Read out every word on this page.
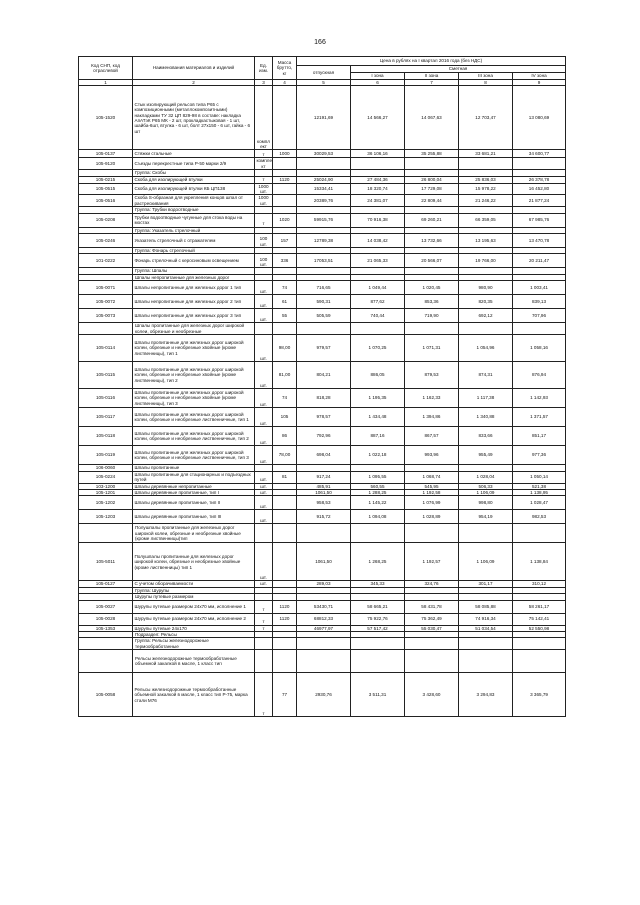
166
Код СНП, код отраслевой	Наименования материалов и изделий	Ед. изм.	Масса брутто, кг	Цена в рублях на I квартал 2016 года (без НДС)				
				отпускная	Сметная			
					I зона	II зона	III зона	IV зона
1	2	3	4	5	6	7	8	9
105-1520	Стык изолирующий рельсов типа Р65 с композиционными (металлокомпозитными) накладками ТУ 32 ЦП 829-98 в составе: накладка АпАТэК Р65 МК - 2 шт, прокладкастыковая - 1 шт, шайба-6шт, втулка - 6 шт, болт 27х150 - 6 шт, гайка - 6 шт	компл ект		12191,69	14 566,27	14 067,63	12 703,47	13 080,69
105-0137	Стяжки стальные	т	1000	30029,53	36 106,16	35 255,88	33 681,21	34 600,77
105-9120	Съезды перекрестные типа Р-50 марки 2/9	компле кт						
	Группа: Скобы							
105-0215	Скоба для изолирующей втулки	т	1120	25024,90	27 484,36	26 800,04	25 836,03	26 378,78
105-0515	Скоба для изолирующей втулки КБ ЦП138	1000 шт.		15334,41	18 320,74	17 729,08	15 978,22	16 452,80
105-0516	Скоба S-образная для укрепления концов шпал от растрескивания	1000 шт.		20389,76	24 381,07	22 809,44	21 246,22	21 877,24
	Группа: Трубки водоотводные							
105-0208	Трубки водоотводные чугунные для стока воды на мостах	т	1020	59915,76	70 916,38	69 260,21	66 359,05	67 985,76
	Группа: Указатель стрелочный							
105-0246	Указатель стрелочный с отражателем	100 шт.	157	12789,38	14 038,42	13 732,66	13 195,63	13 470,78
	Группа: Фонарь стрелочный							
101-0222	Фонарь стрелочный с керосиновым освещением	100 шт.	336	17053,51	21 065,33	20 566,07	19 766,00	20 211,47
	Группа: Шпалы							
	Шпалы непропитанные для железных дорог							
105-0071	Шпалы непропитанные для железных дорог 1 тип	шт.	74	716,65	1 049,44	1 020,45	980,90	1 003,41
105-0072	Шпалы непропитанные для железных дорог 2 тип	шт.	61	590,31	877,62	853,36	820,35	839,13
105-0073	Шпалы непропитанные для железных дорог 3 тип	шт.	55	505,59	740,44	719,90	692,12	707,96
	Шпалы пропитанные для железных дорог широкой колеи, обрезные и необрезные							
105-0114	Шпалы пропитанные для железных дорог широкой колеи, обрезные и необрезные хвойные (кроме лиственницы), тип 1	шт.	98,00	979,57	1 070,25	1 071,31	1 054,96	1 058,16
105-0115	Шпалы пропитанные для железных дорог широкой колеи, обрезные и необрезные хвойные (кроме лиственницы), тип 2	шт.	81,00	804,21	886,05	879,53	874,31	876,94
105-0116	Шпалы пропитанные для железных дорог широкой колеи, обрезные и необрезные хвойные (кроме лиственницы), тип 3	шт.	74	818,28	1 195,35	1 162,33	1 117,38	1 142,93
105-0117	Шпалы пропитанные для железных дорог широкой колеи, обрезные и необрезные лиственничные, тип 1	шт.	105	978,57	1 434,48	1 394,86	1 340,88	1 371,57
105-0118	Шпалы пропитанные для железных дорог широкой колеи, обрезные и необрезные лиственничные, тип 2	шт.	86	792,96	887,16	867,57	833,66	851,17
105-0119	Шпалы пропитанные для железных дорог широкой колеи, обрезные и необрезные лиственничные, тип 3	шт.	78,00	698,04	1 022,18	993,96	955,49	977,36
106-0060	Шпалы пропитанные							
105-0224	Шпалы пропитанные для стационарных и подъездных путей	шт.	81	917,24	1 095,55	1 068,74	1 028,04	1 050,14
103-1200	Шпалы деревянные непропитанные	шт.		485,91	560,55	545,95	506,33	521,38
105-1201	Шпалы деревянные пропитанные, тип I	шт.		1061,50	1 288,25	1 192,58	1 106,09	1 138,95
105-1202	Шпалы деревянные пропитанные, тип II	шт.		958,53	1 145,22	1 076,99	998,80	1 028,47
105-1203	Шпалы деревянные пропитанные, тип III	шт.		915,72	1 094,08	1 028,89	954,19	982,53
	Полушпалы пропитанные для железных дорог широкой колеи, обрезные и необрезные хвойные (кроме лиственницы)тип							
105-5011	Полушпалы пропитанные для железных дорог широкой колеи, обрезные и необрезные хвойные (кроме лиственницы) тип 1	шт.		1061,50	1 268,25	1 192,57	1 106,09	1 138,84
105-0127	С учетом оборачиваемости	шт.		289,03	345,33	324,76	301,17	310,12
	Группа: Шурупы							
	Шурупы путевые размером							
105-0027	Шурупы путевые размером 24х70 мм, исполнение 1	т	1120	53430,71	58 665,21	58 431,78	58 085,88	58 261,17
105-0028	Шурупы путевые размером 24х70 мм, исполнение 2	т	1120	68812,33	75 922,76	75 362,49	74 916,34	75 142,41
105-1353	Шурупы путевые 24х170	т		46977,97	57 517,42	55 030,47	51 034,54	52 550,98
	Подраздел: Рельсы							
	Группа: Рельсы железнодорожные термообработанные							
	Рельсы железнодорожные термообработанные объемной закалкой в масле, 1 класс тип							
105-0058	Рельсы железнодорожные термообработанные объемной закалкой в масле, 1 класс тип Р-75, марка стали М76	т	77	2930,76	3 511,31	3 428,60	3 294,83	3 365,79
